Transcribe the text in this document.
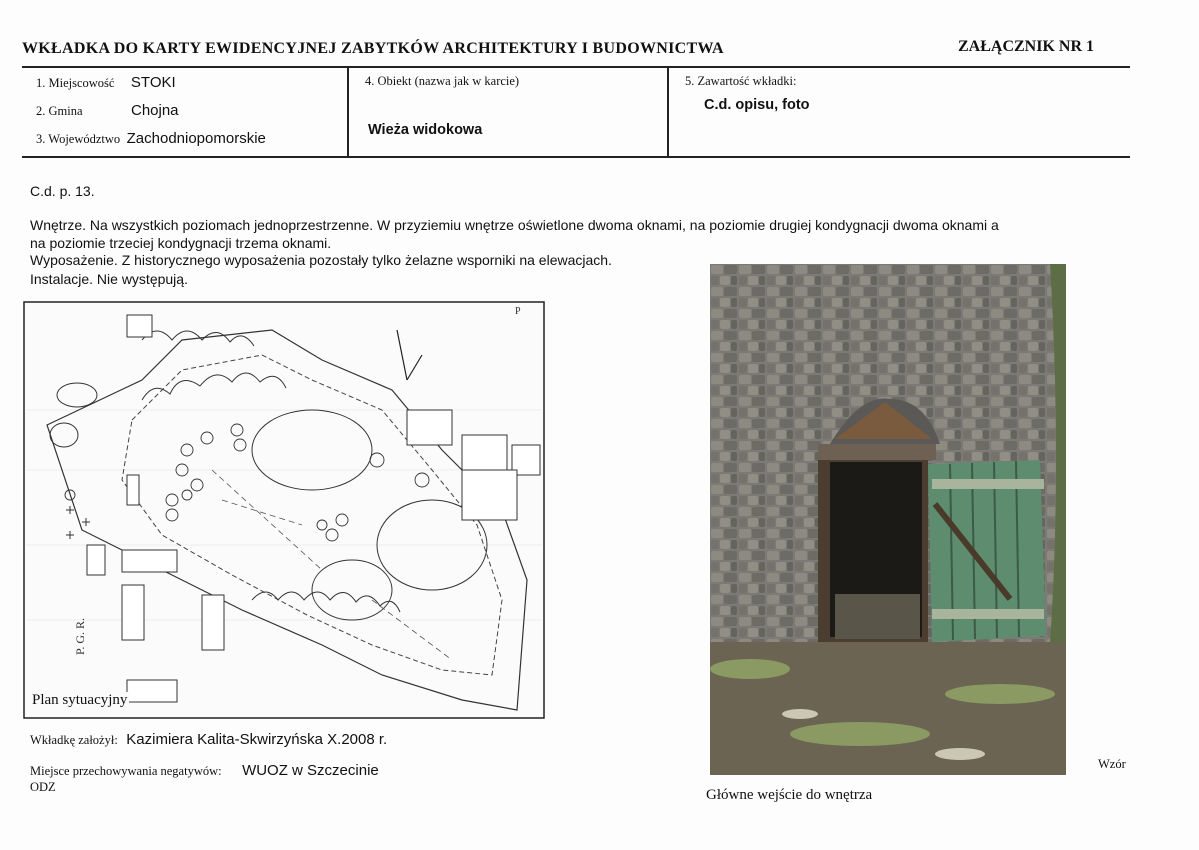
WKŁADKA DO KARTY EWIDENCYJNEJ ZABYTKÓW ARCHITEKTURY I BUDOWNICTWA	ZAŁĄCZNIK NR 1
1. Miejscowość STOKI
2. Gmina	Chojna
3. Województwo Zachodniopomorskie
4. Obiekt (nazwa jak w karcie)
Wieża widokowa
5. Zawartość wkładki:
C.d. opisu, foto
C.d. p. 13.
Wnętrze. Na wszystkich poziomach jednoprzestrzenne. W przyziemiu wnętrze oświetlone dwoma oknami, na poziomie drugiej kondygnacji dwoma oknami a
na poziomie trzeciej kondygnacji trzema oknami.
Wyposażenie. Z historycznego wyposażenia pozostały tylko żelazne wsporniki na elewacjach.
Instalacje. Nie występują.
P
P. G. R.
Plan sytuacyjny
Główne wejście do wnętrza
Wkładkę założył: Kazimiera Kalita-Skwirzyńska X.2008 r.
Miejsce przechowywania negatywów: WUOZ w Szczecinie
ODZ
Wzór
